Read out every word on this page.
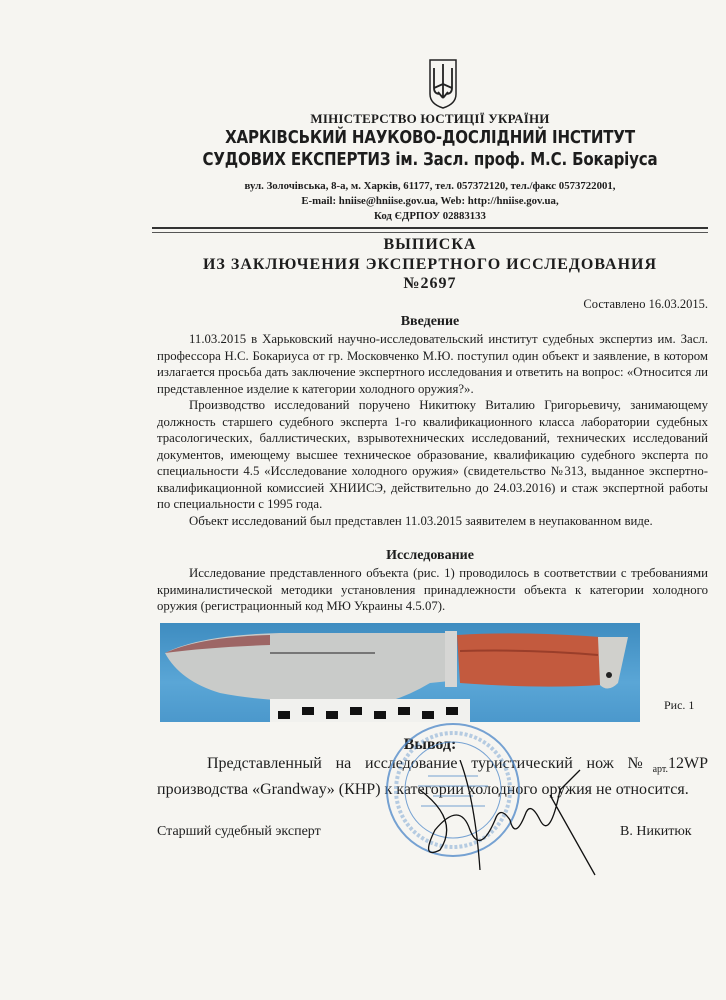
МІНІСТЕРСТВО ЮСТИЦІЇ УКРАЇНИ
ХАРКІВСЬКИЙ НАУКОВО-ДОСЛІДНИЙ ІНСТИТУТ
СУДОВИХ ЕКСПЕРТИЗ ім. Засл. проф. М.С. Бокаріуса
вул. Золочівська, 8-а, м. Харків, 61177, тел. 057372120, тел./факс 0573722001,
E-mail: hniise@hniise.gov.ua, Web: http://hniise.gov.ua,
Код ЄДРПОУ 02883133
ВЫПИСКА
ИЗ ЗАКЛЮЧЕНИЯ ЭКСПЕРТНОГО ИССЛЕДОВАНИЯ
№2697
Составлено 16.03.2015.
Введение

11.03.2015 в Харьковский научно-исследовательский институт судебных экспертиз им. Засл. профессора Н.С. Бокариуса от гр. Московченко М.Ю. поступил один объект и заявление, в котором излагается просьба дать заключение экспертного исследования и ответить на вопрос: «Относится ли представленное изделие к категории холодного оружия?».

Производство исследований поручено Никитюку Виталию Григорьевичу, занимающему должность старшего судебного эксперта 1-го квалификационного класса лаборатории судебных трасологических, баллистических, взрывотехнических исследований, технических исследований документов, имеющему высшее техническое образование, квалификацию судебного эксперта по специальности 4.5 «Исследование холодного оружия» (свидетельство №313, выданное экспертно-квалификационной комиссией ХНИИСЭ, действительно до 24.03.2016) и стаж экспертной работы по специальности с 1995 года.

Объект исследований был представлен 11.03.2015 заявителем в неупакованном виде.

Исследование

Исследование представленного объекта (рис. 1) проводилось в соответствии с требованиями криминалистической методики установления принадлежности объекта к категории холодного оружия (регистрационный код МЮ Украины 4.5.07).

Рис. 1
Вывод:

Представленный на исследование туристический нож $№_{арт.}12WP$ производства «Grandway» (КНР) к категории холодного оружия не относится.

Старший судебный эксперт	В. Никитюк
